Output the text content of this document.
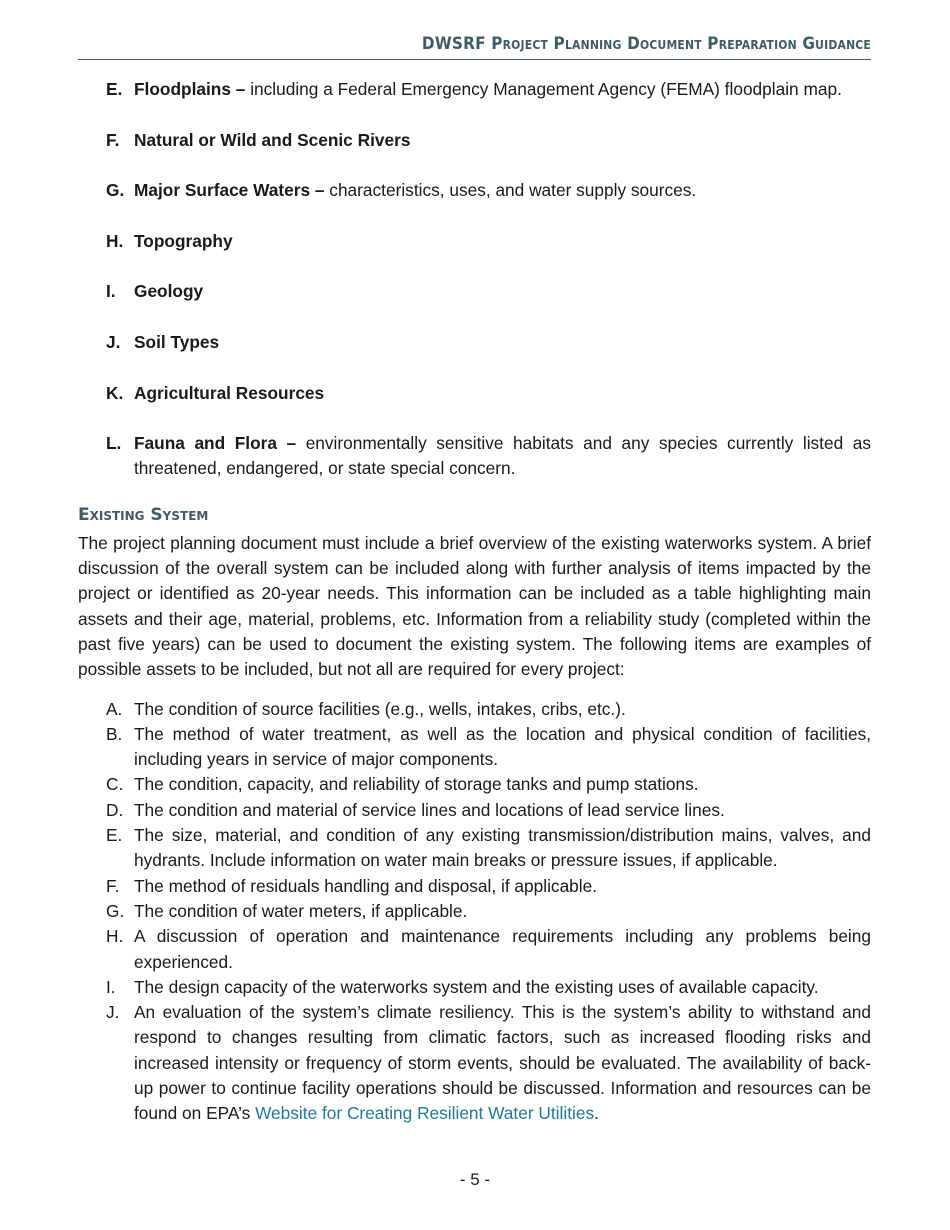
DWSRF Project Planning Document Preparation Guidance
E. Floodplains – including a Federal Emergency Management Agency (FEMA) floodplain map.
F. Natural or Wild and Scenic Rivers
G. Major Surface Waters – characteristics, uses, and water supply sources.
H. Topography
I. Geology
J. Soil Types
K. Agricultural Resources
L. Fauna and Flora – environmentally sensitive habitats and any species currently listed as threatened, endangered, or state special concern.
Existing System

The project planning document must include a brief overview of the existing waterworks system. A brief discussion of the overall system can be included along with further analysis of items impacted by the project or identified as 20-year needs. This information can be included as a table highlighting main assets and their age, material, problems, etc. Information from a reliability study (completed within the past five years) can be used to document the existing system. The following items are examples of possible assets to be included, but not all are required for every project:

A. The condition of source facilities (e.g., wells, intakes, cribs, etc.).
B. The method of water treatment, as well as the location and physical condition of facilities, including years in service of major components.
C. The condition, capacity, and reliability of storage tanks and pump stations.
D. The condition and material of service lines and locations of lead service lines.
E. The size, material, and condition of any existing transmission/distribution mains, valves, and hydrants. Include information on water main breaks or pressure issues, if applicable.
F. The method of residuals handling and disposal, if applicable.
G. The condition of water meters, if applicable.
H. A discussion of operation and maintenance requirements including any problems being experienced.
I. The design capacity of the waterworks system and the existing uses of available capacity.
J. An evaluation of the system’s climate resiliency. This is the system’s ability to withstand and respond to changes resulting from climatic factors, such as increased flooding risks and increased intensity or frequency of storm events, should be evaluated. The availability of back-up power to continue facility operations should be discussed. Information and resources can be found on EPA’s Website for Creating Resilient Water Utilities.
- 5 -
